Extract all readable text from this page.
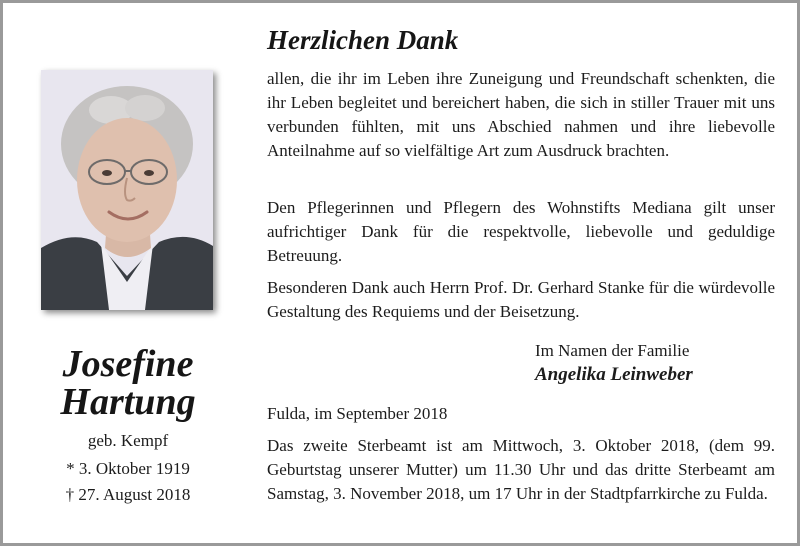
Josefine
Hartung
geb. Kempf
* 3. Oktober 1919
† 27. August 2018
Herzlichen Dank

allen, die ihr im Leben ihre Zuneigung und Freundschaft schenkten, die ihr Leben begleitet und bereichert haben, die sich in stiller Trauer mit uns verbunden fühlten, mit uns Abschied nahmen und ihre liebevolle Anteilnahme auf so vielfältige Art zum Ausdruck brachten.

Den Pflegerinnen und Pflegern des Wohnstifts Mediana gilt unser aufrichtiger Dank für die respektvolle, liebevolle und geduldige Betreuung.

Besonderen Dank auch Herrn Prof. Dr. Gerhard Stanke für die würdevolle Gestaltung des Requiems und der Beisetzung.

Im Namen der Familie
Angelika Leinweber
Fulda, im September 2018

Das zweite Sterbeamt ist am Mittwoch, 3. Oktober 2018, (dem 99. Geburtstag unserer Mutter) um 11.30 Uhr und das dritte Sterbeamt am Samstag, 3. November 2018, um 17 Uhr in der Stadtpfarrkirche zu Fulda.
